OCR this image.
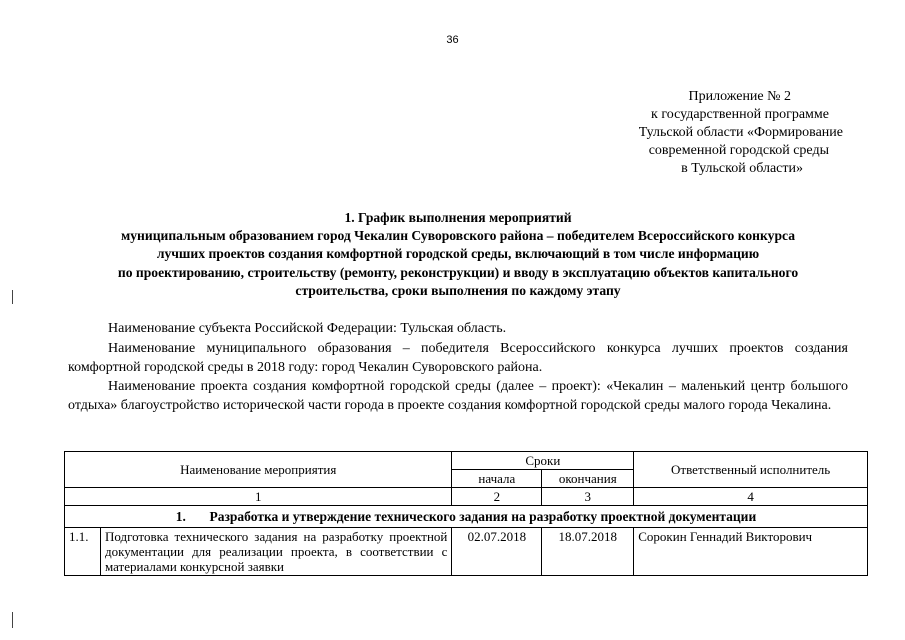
36
Приложение № 2
к государственной программе
Тульской области «Формирование
современной городской среды
в Тульской области»
1. График выполнения мероприятий
муниципальным образованием город Чекалин Суворовского района – победителем Всероссийского конкурса
лучших проектов создания комфортной городской среды, включающий в том числе информацию
по проектированию, строительству (ремонту, реконструкции) и вводу в эксплуатацию объектов капитального
строительства, сроки выполнения по каждому этапу
Наименование субъекта Российской Федерации: Тульская область.
Наименование муниципального образования – победителя Всероссийского конкурса лучших проектов создания комфортной городской среды в 2018 году: город Чекалин Суворовского района.
Наименование проекта создания комфортной городской среды (далее – проект): «Чекалин – маленький центр большого отдыха» благоустройство исторической части города в проекте создания комфортной городской среды малого города Чекалина.
Наименование мероприятия		Сроки		Ответственный исполнитель
		начала	окончания	
1		2	3	4
1. Разработка и утверждение технического задания на разработку проектной документации				
1.1.	Подготовка технического задания на разработку проектной документации для реализации проекта, в соответствии с материалами конкурсной заявки	02.07.2018	18.07.2018	Сорокин Геннадий Викторович
